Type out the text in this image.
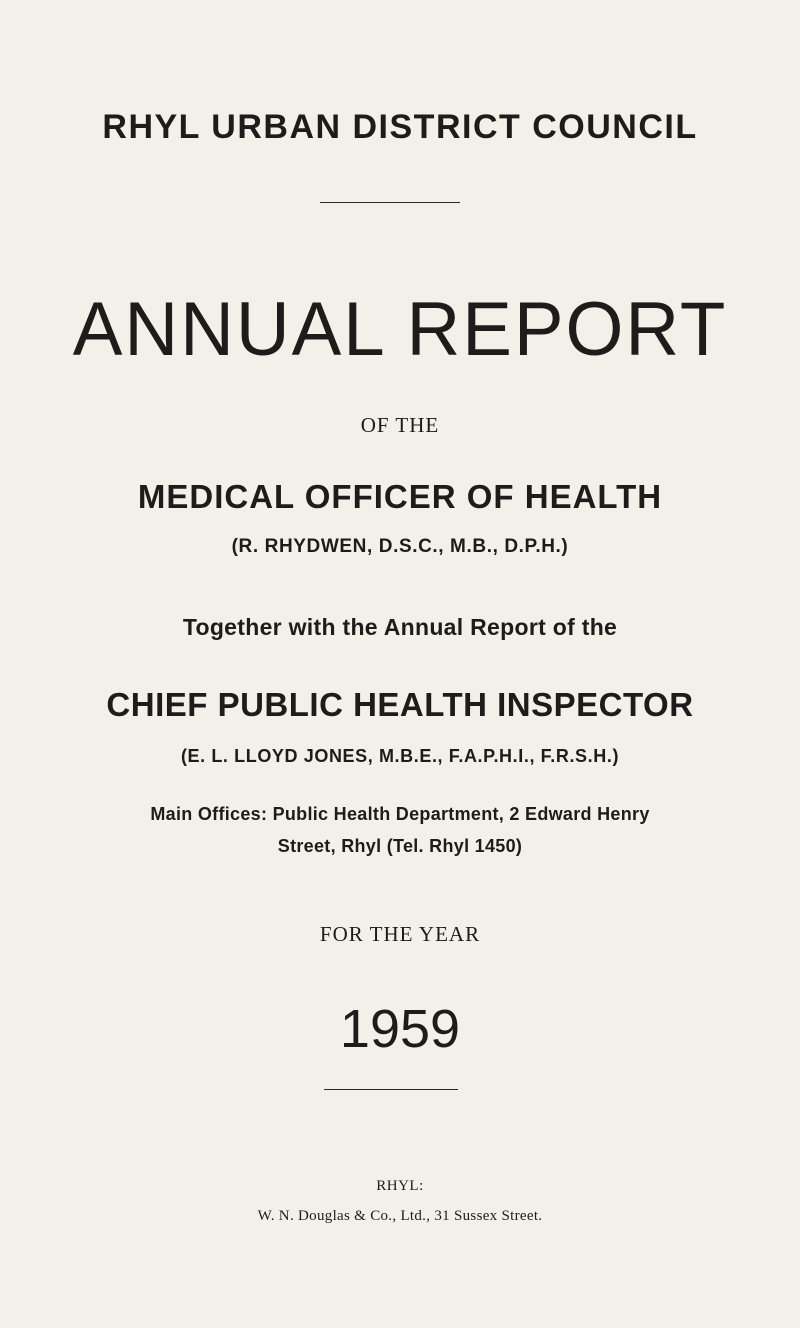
RHYL URBAN DISTRICT COUNCIL
ANNUAL REPORT
OF THE
MEDICAL OFFICER OF HEALTH
(R. RHYDWEN, D.S.C., M.B., D.P.H.)
Together with the Annual Report of the
CHIEF PUBLIC HEALTH INSPECTOR
(E. L. LLOYD JONES, M.B.E., F.A.P.H.I., F.R.S.H.)
Main Offices: Public Health Department, 2 Edward Henry
Street, Rhyl (Tel. Rhyl 1450)
FOR THE YEAR
1959
RHYL:
W. N. Douglas & Co., Ltd., 31 Sussex Street.
